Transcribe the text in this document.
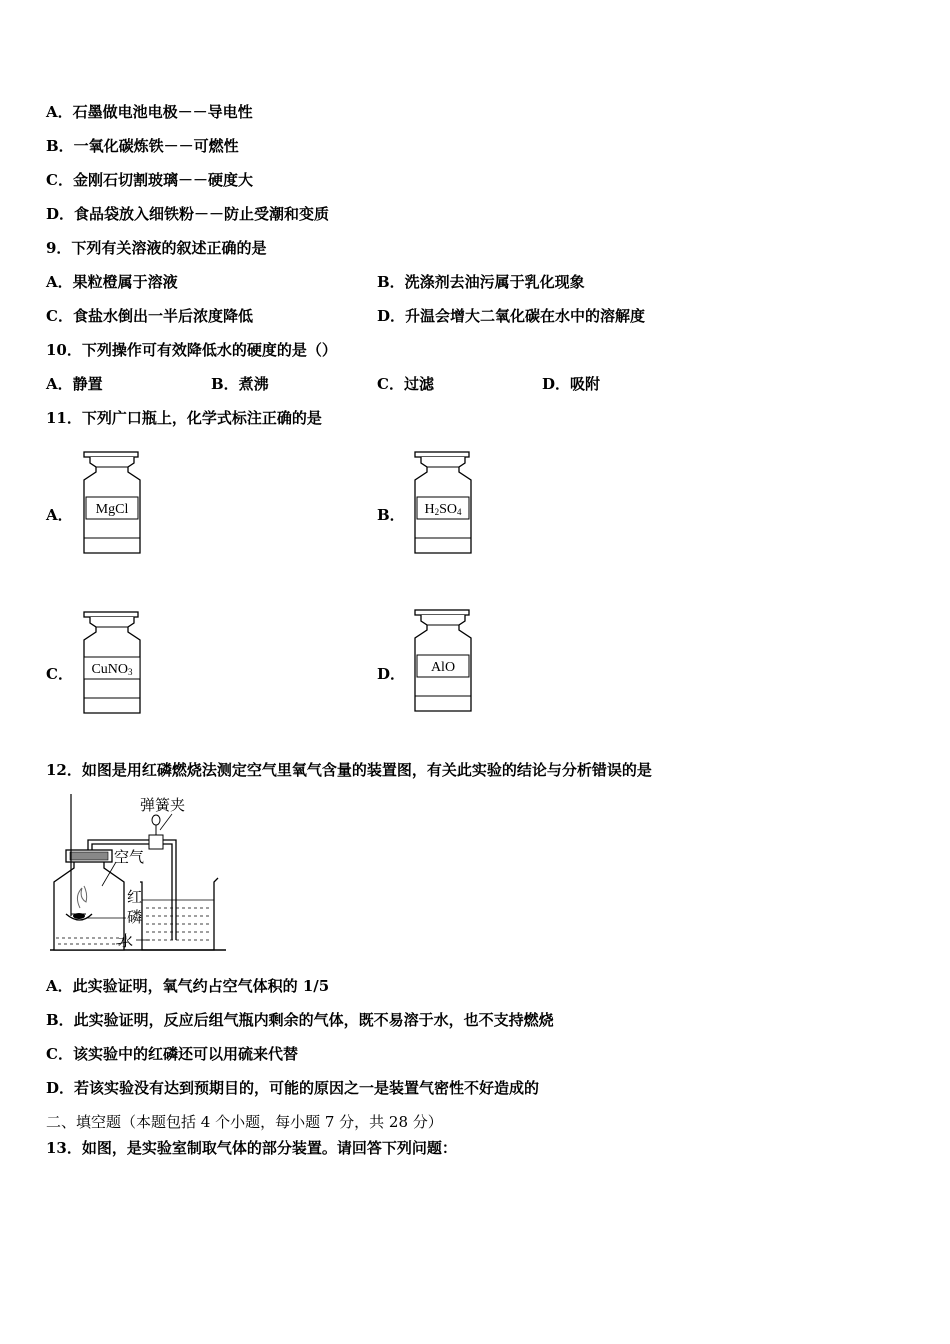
A．石墨做电池电极－－导电性
B．一氧化碳炼铁－－可燃性
C．金刚石切割玻璃－－硬度大
D．食品袋放入细铁粉－－防止受潮和变质
9．下列有关溶液的叙述正确的是
A．果粒橙属于溶液	B．洗涤剂去油污属于乳化现象
C．食盐水倒出一半后浓度降低	D．升温会增大二氧化碳在水中的溶解度
10．下列操作可有效降低水的硬度的是（）
A．静置	B．煮沸	C．过滤	D．吸附
11．下列广口瓶上，化学式标注正确的是
A． MgCl	B． H2SO4
C． CuNO3	D． AlO
12．如图是用红磷燃烧法测定空气里氧气含量的装置图，有关此实验的结论与分析错误的是
弹簧夹
空气
红
磷
水
A．此实验证明，氧气约占空气体积的 1/5
B．此实验证明，反应后组气瓶内剩余的气体，既不易溶于水，也不支持燃烧
C．该实验中的红磷还可以用硫来代替
D．若该实验没有达到预期目的，可能的原因之一是装置气密性不好造成的
二、填空题（本题包括 4 个小题，每小题 7 分，共 28 分）
13．如图，是实验室制取气体的部分装置。请回答下列问题：
